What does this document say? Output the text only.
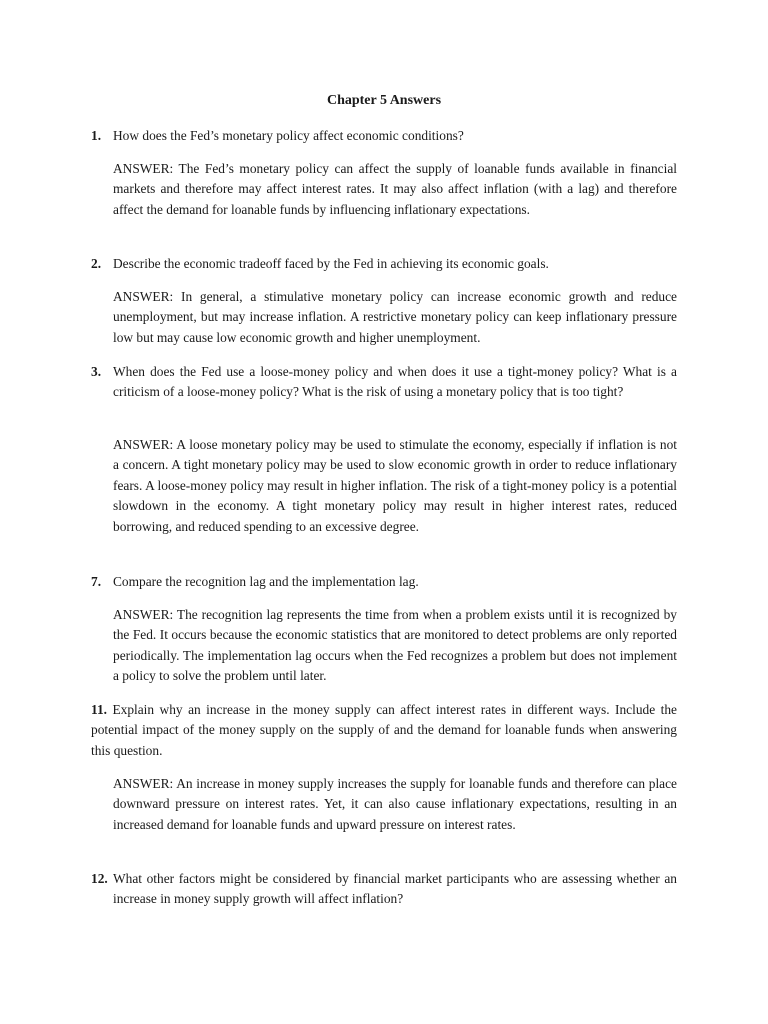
Chapter 5 Answers
1. How does the Fed’s monetary policy affect economic conditions?

ANSWER: The Fed’s monetary policy can affect the supply of loanable funds available in financial markets and therefore may affect interest rates. It may also affect inflation (with a lag) and therefore affect the demand for loanable funds by influencing inflationary expectations.

2. Describe the economic tradeoff faced by the Fed in achieving its economic goals.

ANSWER: In general, a stimulative monetary policy can increase economic growth and reduce unemployment, but may increase inflation. A restrictive monetary policy can keep inflationary pressure low but may cause low economic growth and higher unemployment.

3. When does the Fed use a loose-money policy and when does it use a tight-money policy? What is a criticism of a loose-money policy? What is the risk of using a monetary policy that is too tight?

ANSWER: A loose monetary policy may be used to stimulate the economy, especially if inflation is not a concern. A tight monetary policy may be used to slow economic growth in order to reduce inflationary fears. A loose-money policy may result in higher inflation. The risk of a tight-money policy is a potential slowdown in the economy. A tight monetary policy may result in higher interest rates, reduced borrowing, and reduced spending to an excessive degree.

7. Compare the recognition lag and the implementation lag.

ANSWER: The recognition lag represents the time from when a problem exists until it is recognized by the Fed. It occurs because the economic statistics that are monitored to detect problems are only reported periodically. The implementation lag occurs when the Fed recognizes a problem but does not implement a policy to solve the problem until later.

11. Explain why an increase in the money supply can affect interest rates in different ways. Include the potential impact of the money supply on the supply of and the demand for loanable funds when answering this question.

ANSWER: An increase in money supply increases the supply for loanable funds and therefore can place downward pressure on interest rates. Yet, it can also cause inflationary expectations, resulting in an increased demand for loanable funds and upward pressure on interest rates.

12. What other factors might be considered by financial market participants who are assessing whether an increase in money supply growth will affect inflation?
